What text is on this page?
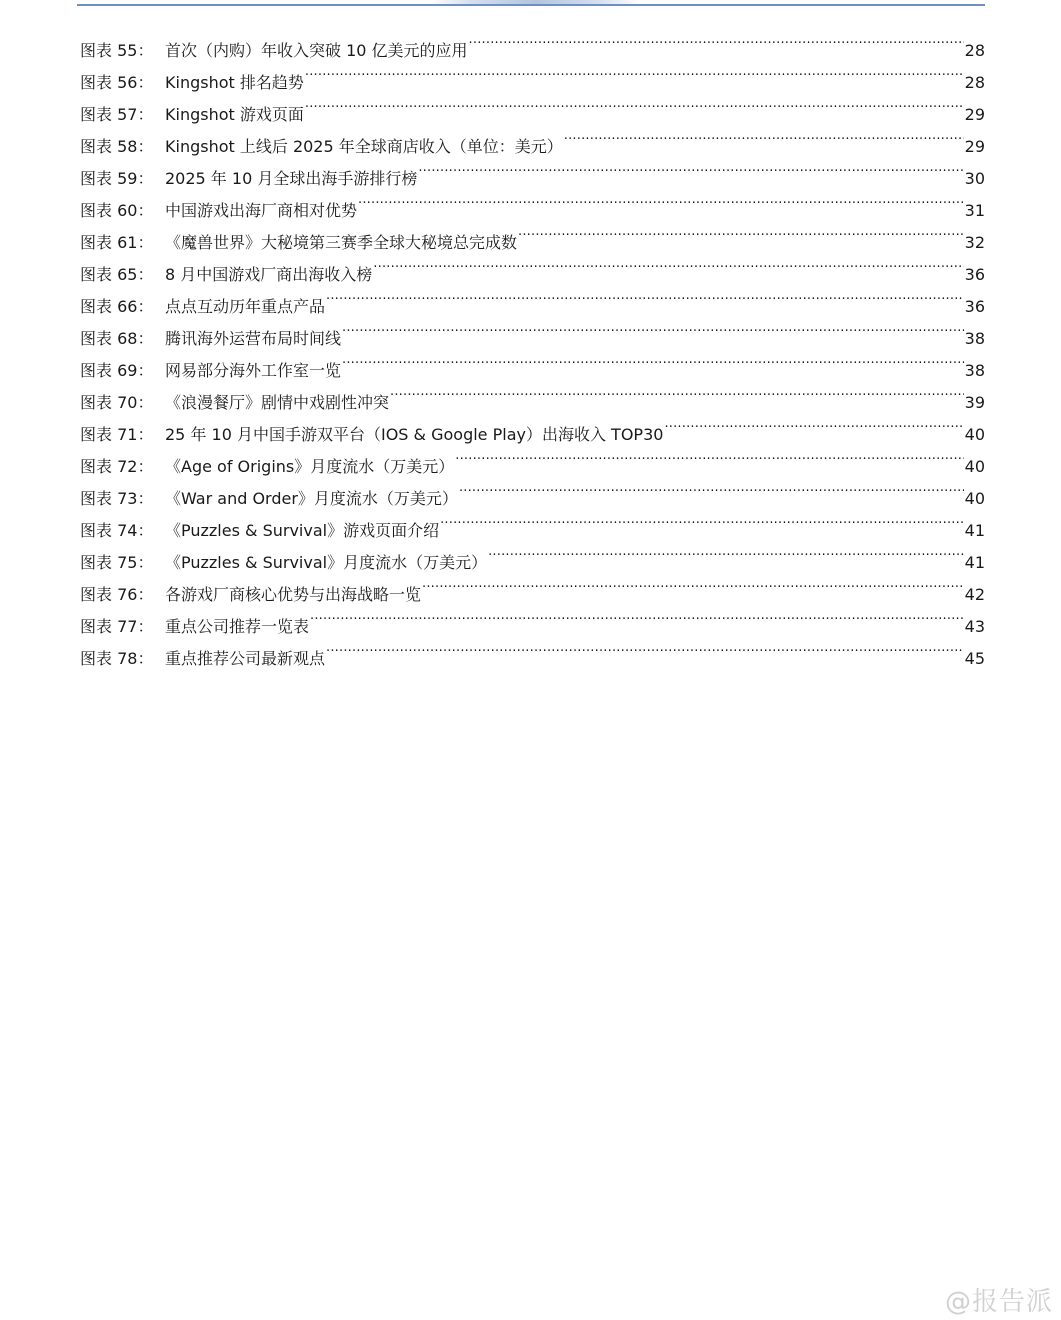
图表 55： 首次（内购）年收入突破 10 亿美元的应用 .....	28
图表 56： Kingshot 排名趋势 .....	28
图表 57： Kingshot 游戏页面 .....	29
图表 58： Kingshot 上线后 2025 年全球商店收入（单位：美元） .....	29
图表 59： 2025 年 10 月全球出海手游排行榜 .....	30
图表 60： 中国游戏出海厂商相对优势 .....	31
图表 61： 《魔兽世界》大秘境第三赛季全球大秘境总完成数 .....	32
图表 65： 8 月中国游戏厂商出海收入榜 .....	36
图表 66： 点点互动历年重点产品 .....	36
图表 68： 腾讯海外运营布局时间线 .....	38
图表 69： 网易部分海外工作室一览 .....	38
图表 70： 《浪漫餐厅》剧情中戏剧性冲突 .....	39
图表 71： 25 年 10 月中国手游双平台（IOS & Google Play）出海收入 TOP30 .....	40
图表 72： 《Age of Origins》月度流水（万美元） .....	40
图表 73： 《War and Order》月度流水（万美元） .....	40
图表 74： 《Puzzles & Survival》游戏页面介绍 .....	41
图表 75： 《Puzzles & Survival》月度流水（万美元） .....	41
图表 76： 各游戏厂商核心优势与出海战略一览 .....	42
图表 77： 重点公司推荐一览表 .....	43
图表 78： 重点推荐公司最新观点 .....	45
@报告派
